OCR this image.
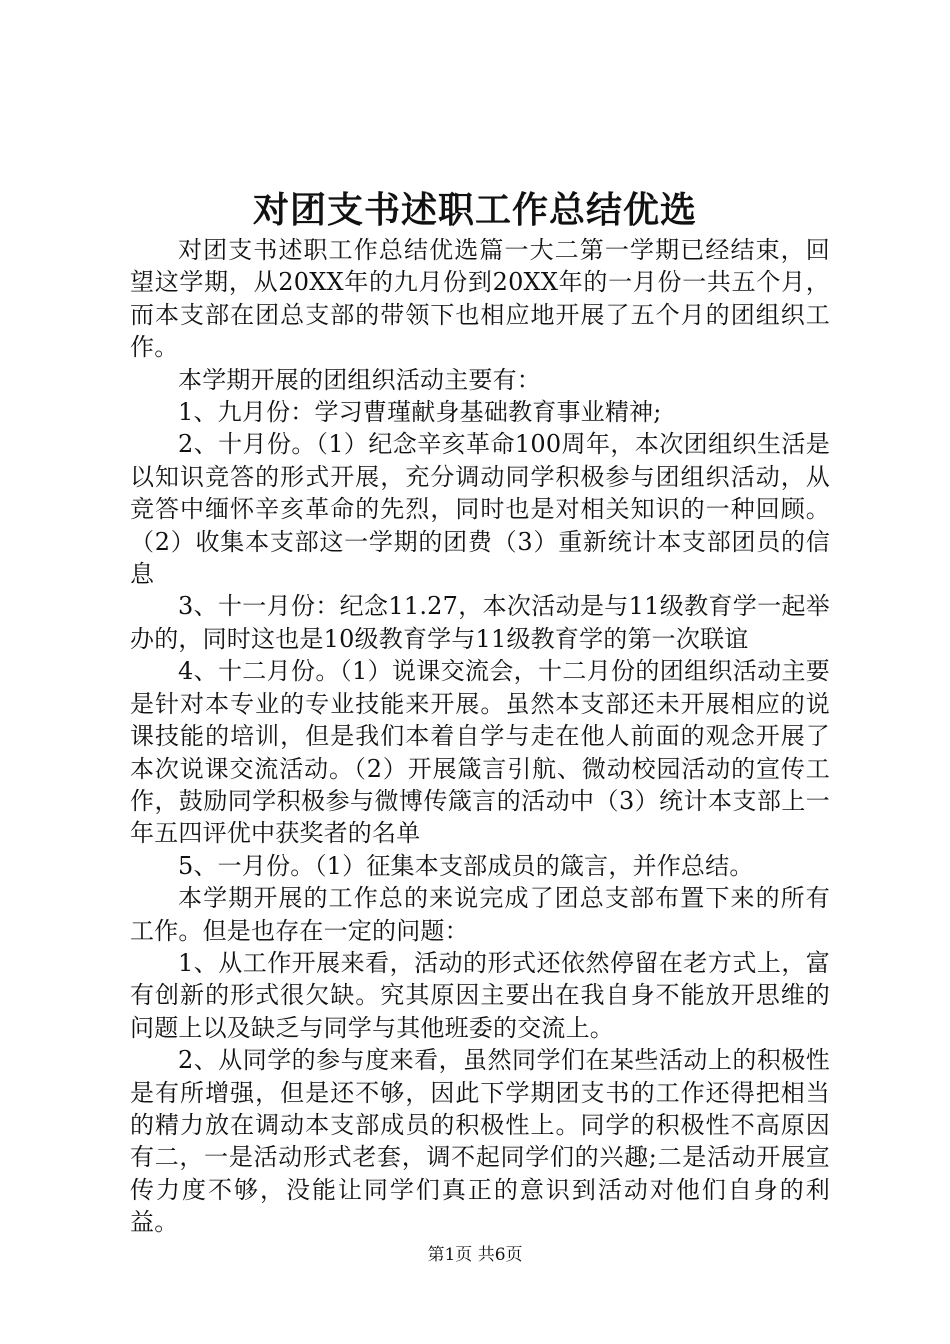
对团支书述职工作总结优选

对团支书述职工作总结优选篇一大二第一学期已经结束，回望这学期，从20XX年的九月份到20XX年的一月份一共五个月，而本支部在团总支部的带领下也相应地开展了五个月的团组织工作。

本学期开展的团组织活动主要有：

1、九月份：学习曹瑾献身基础教育事业精神;

2、十月份。（1）纪念辛亥革命100周年，本次团组织生活是以知识竞答的形式开展，充分调动同学积极参与团组织活动，从竞答中缅怀辛亥革命的先烈，同时也是对相关知识的一种回顾。（2）收集本支部这一学期的团费（3）重新统计本支部团员的信息

3、十一月份：纪念11.27，本次活动是与11级教育学一起举办的，同时这也是10级教育学与11级教育学的第一次联谊

4、十二月份。（1）说课交流会，十二月份的团组织活动主要是针对本专业的专业技能来开展。虽然本支部还未开展相应的说课技能的培训，但是我们本着自学与走在他人前面的观念开展了本次说课交流活动。（2）开展箴言引航、微动校园活动的宣传工作，鼓励同学积极参与微博传箴言的活动中（3）统计本支部上一年五四评优中获奖者的名单

5、一月份。（1）征集本支部成员的箴言，并作总结。

本学期开展的工作总的来说完成了团总支部布置下来的所有工作。但是也存在一定的问题：

1、从工作开展来看，活动的形式还依然停留在老方式上，富有创新的形式很欠缺。究其原因主要出在我自身不能放开思维的问题上以及缺乏与同学与其他班委的交流上。

2、从同学的参与度来看，虽然同学们在某些活动上的积极性是有所增强，但是还不够，因此下学期团支书的工作还得把相当的精力放在调动本支部成员的积极性上。同学的积极性不高原因有二，一是活动形式老套，调不起同学们的兴趣;二是活动开展宣传力度不够，没能让同学们真正的意识到活动对他们自身的利益。

第1页 共6页
